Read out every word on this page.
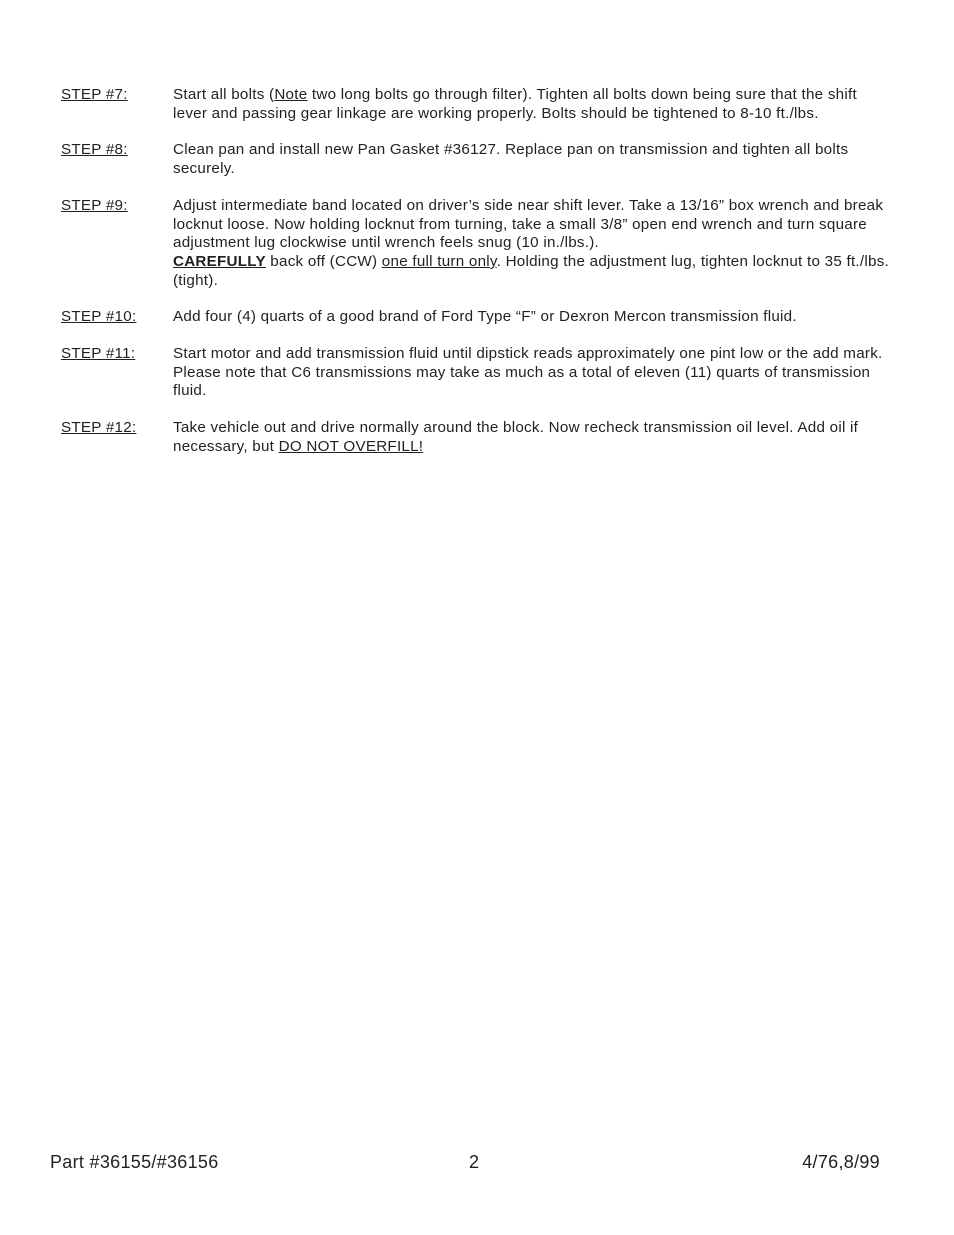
STEP #7:	Start all bolts (Note two long bolts go through filter). Tighten all bolts down being sure that the shift lever and passing gear linkage are working properly. Bolts should be tightened to 8-10 ft./lbs.
STEP #8:	Clean pan and install new Pan Gasket #36127. Replace pan on transmission and tighten all bolts securely.
STEP #9:	Adjust intermediate band located on driver’s side near shift lever. Take a 13/16” box wrench and break locknut loose. Now holding locknut from turning, take a small 3/8” open end wrench and turn square adjustment lug clockwise until wrench feels snug (10 in./lbs.).
CAREFULLY back off (CCW) one full turn only. Holding the adjustment lug, tighten locknut to 35 ft./lbs. (tight).
STEP #10:	Add four (4) quarts of a good brand of Ford Type “F” or Dexron Mercon transmission fluid.
STEP #11:	Start motor and add transmission fluid until dipstick reads approximately one pint low or the add mark. Please note that C6 transmissions may take as much as a total of eleven (11) quarts of transmission fluid.
STEP #12:	Take vehicle out and drive normally around the block. Now recheck transmission oil level. Add oil if necessary, but DO NOT OVERFILL!
Part #36155/#36156	2	4/76,8/99
